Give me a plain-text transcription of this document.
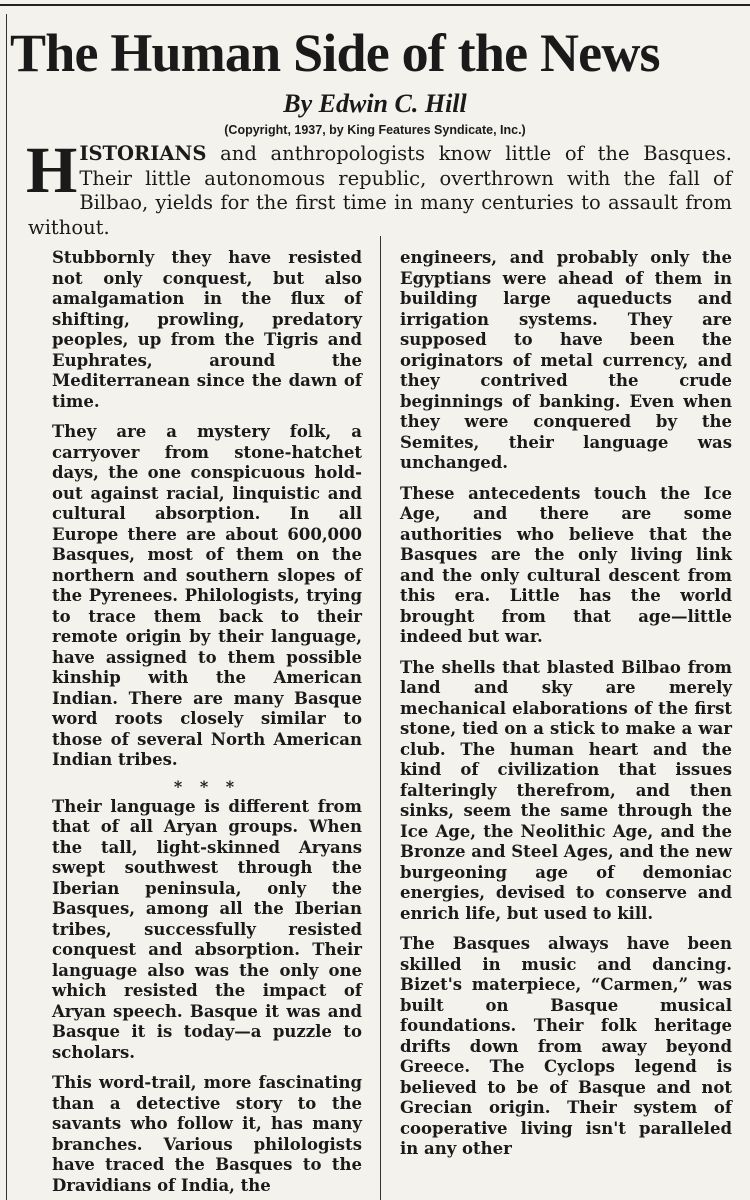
The Human Side of the News
By Edwin C. Hill
(Copyright, 1937, by King Features Syndicate, Inc.)
HISTORIANS and anthropologists know little of the Basques. Their little autonomous republic, overthrown with the fall of Bilbao, yields for the first time in many centuries to assault from without.

Stubbornly they have resisted not only conquest, but also amalgamation in the flux of shifting, prowling, predatory peoples, up from the Tigris and Euphrates, around the Mediterranean since the dawn of time.

They are a mystery folk, a carryover from stone-hatchet days, the one conspicuous hold-out against racial, linquistic and cultural absorption. In all Europe there are about 600,000 Basques, most of them on the northern and southern slopes of the Pyrenees. Philologists, trying to trace them back to their remote origin by their language, have assigned to them possible kinship with the American Indian. There are many Basque word roots closely similar to those of several North American Indian tribes.

* * *

Their language is different from that of all Aryan groups. When the tall, light-skinned Aryans swept southwest through the Iberian peninsula, only the Basques, among all the Iberian tribes, successfully resisted conquest and absorption. Their language also was the only one which resisted the impact of Aryan speech. Basque it was and Basque it is today—a puzzle to scholars.

This word-trail, more fascinating than a detective story to the savants who follow it, has many branches. Various philologists have traced the Basques to the Dravidians of India, the

engineers, and probably only the Egyptians were ahead of them in building large aqueducts and irrigation systems. They are supposed to have been the originators of metal currency, and they contrived the crude beginnings of banking. Even when they were conquered by the Semites, their language was unchanged.

These antecedents touch the Ice Age, and there are some authorities who believe that the Basques are the only living link and the only cultural descent from this era. Little has the world brought from that age—little indeed but war.

The shells that blasted Bilbao from land and sky are merely mechanical elaborations of the first stone, tied on a stick to make a war club. The human heart and the kind of civilization that issues falteringly therefrom, and then sinks, seem the same through the Ice Age, the Neolithic Age, and the Bronze and Steel Ages, and the new burgeoning age of demoniac energies, devised to conserve and enrich life, but used to kill.

The Basques always have been skilled in music and dancing. Bizet's materpiece, “Carmen,” was built on Basque musical foundations. Their folk heritage drifts down from away beyond Greece. The Cyclops legend is believed to be of Basque and not Grecian origin. Their system of cooperative living isn't paralleled in any other
